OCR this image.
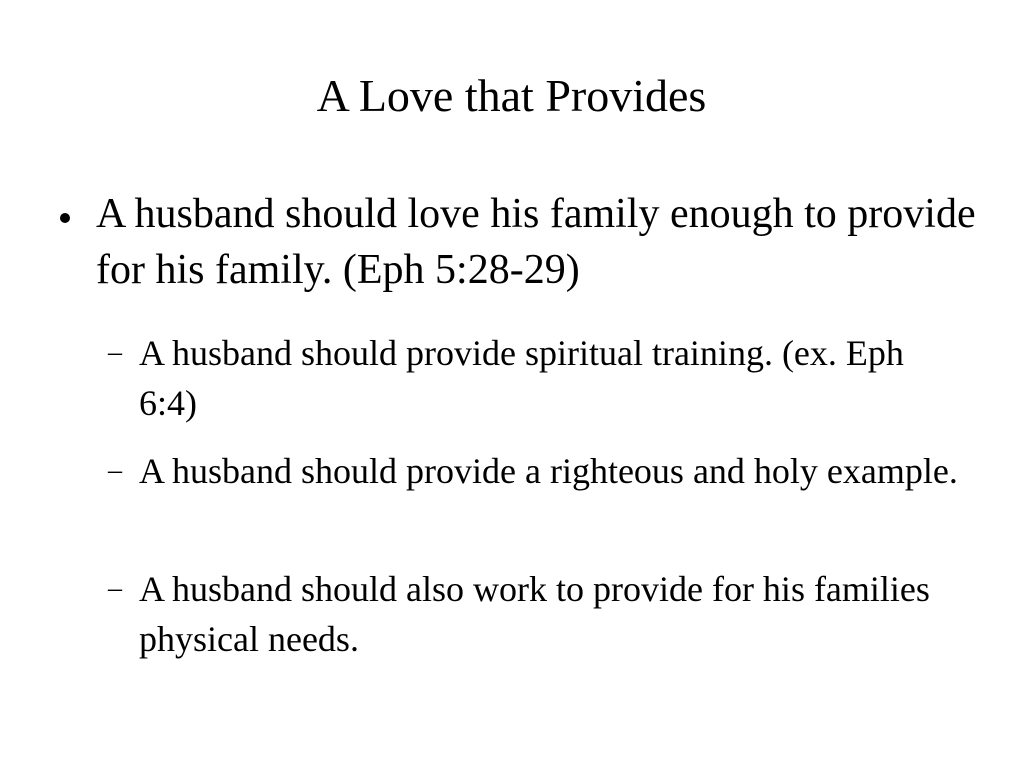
A Love that Provides
A husband should love his family enough to provide for his family. (Eph 5:28-29)
– A husband should provide spiritual training. (ex. Eph 6:4)
– A husband should provide a righteous and holy example.
– A husband should also work to provide for his families physical needs.
